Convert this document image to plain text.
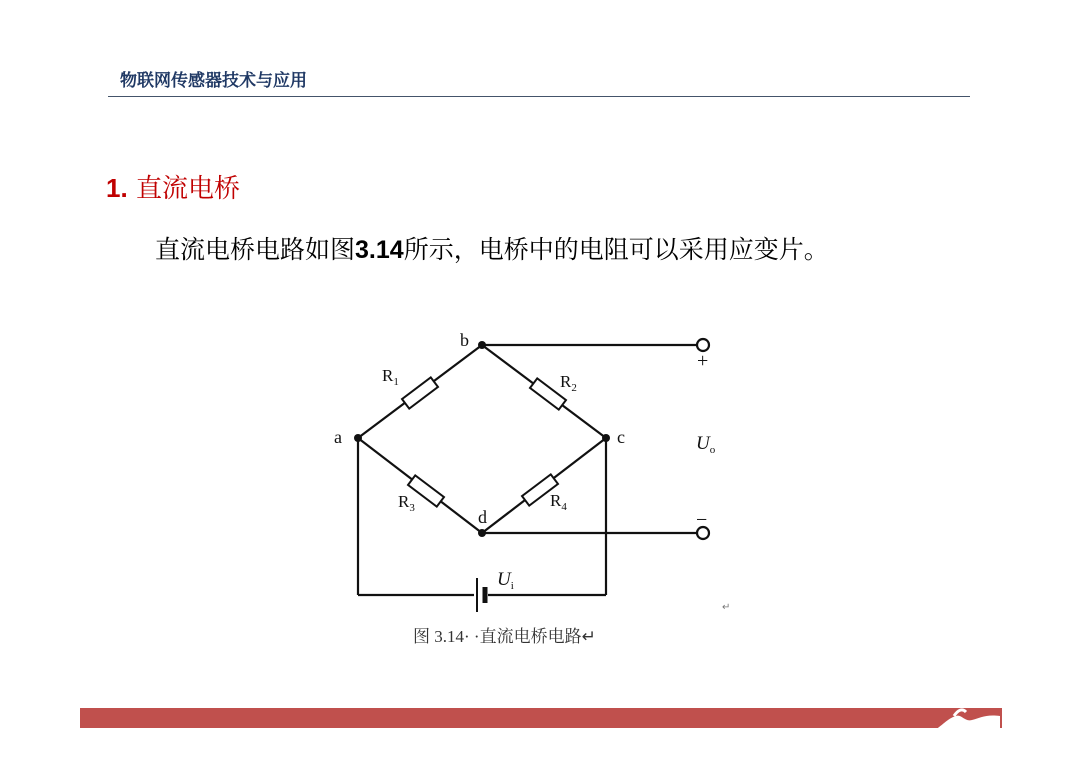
物联网传感器技术与应用
1. 直流电桥
直流电桥电路如图3.14所示，电桥中的电阻可以采用应变片。
b
a	c
d
$R_1$	$R_2$
$R_3$	$R_4$
+
−
$U_o$
$U_i$
↵
图 3.14· ·直流电桥电路↵
